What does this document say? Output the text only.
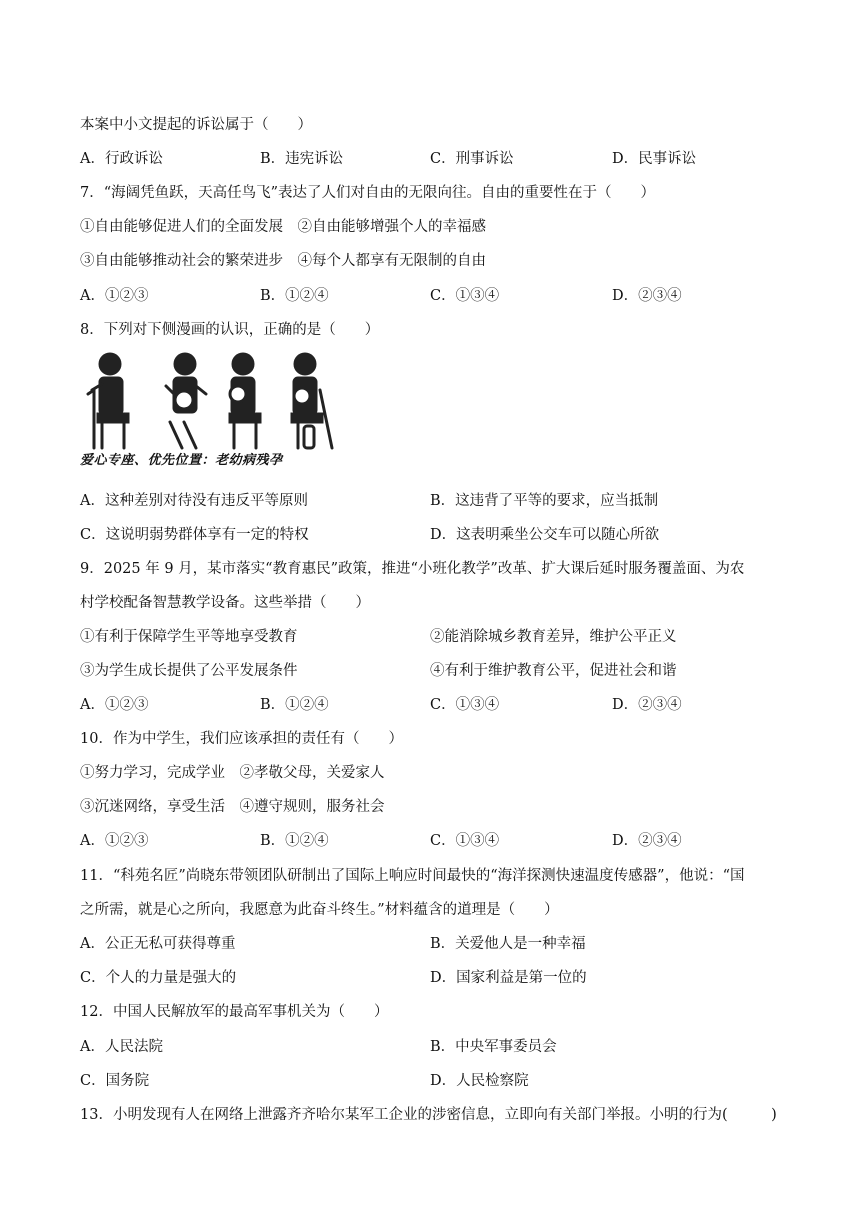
本案中小文提起的诉讼属于（　　）
A．行政诉讼	B．违宪诉讼	C．刑事诉讼	D．民事诉讼
7．“海阔凭鱼跃，天高任鸟飞”表达了人们对自由的无限向往。自由的重要性在于（　　）
①自由能够促进人们的全面发展　②自由能够增强个人的幸福感
③自由能够推动社会的繁荣进步　④每个人都享有无限制的自由
A．①②③	B．①②④	C．①③④	D．②③④
8．下列对下侧漫画的认识，正确的是（　　）
爱心专座、优先位置：老幼病残孕
A．这种差别对待没有违反平等原则	B．这违背了平等的要求，应当抵制
C．这说明弱势群体享有一定的特权	D．这表明乘坐公交车可以随心所欲
9．2025 年 9 月，某市落实“教育惠民”政策，推进“小班化教学”改革、扩大课后延时服务覆盖面、为农
村学校配备智慧教学设备。这些举措（　　）
①有利于保障学生平等地享受教育	②能消除城乡教育差异，维护公平正义
③为学生成长提供了公平发展条件	④有利于维护教育公平，促进社会和谐
A．①②③	B．①②④	C．①③④	D．②③④
10．作为中学生，我们应该承担的责任有（　　）
①努力学习，完成学业　②孝敬父母，关爱家人
③沉迷网络，享受生活　④遵守规则，服务社会
A．①②③	B．①②④	C．①③④	D．②③④
11．“科苑名匠”尚晓东带领团队研制出了国际上响应时间最快的“海洋探测快速温度传感器”，他说：“国
之所需，就是心之所向，我愿意为此奋斗终生。”材料蕴含的道理是（　　）
A．公正无私可获得尊重	B．关爱他人是一种幸福
C．个人的力量是强大的	D．国家利益是第一位的
12．中国人民解放军的最高军事机关为（　　）
A．人民法院	B．中央军事委员会
C．国务院	D．人民检察院
13．小明发现有人在网络上泄露齐齐哈尔某军工企业的涉密信息，立即向有关部门举报。小明的行为(　　　)
